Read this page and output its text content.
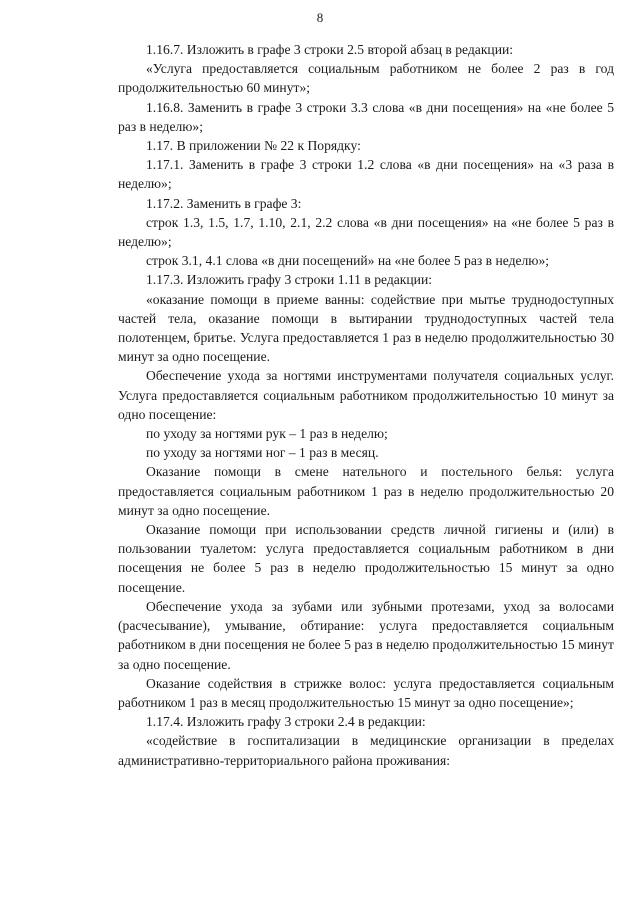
8

1.16.7. Изложить в графе 3 строки 2.5 второй абзац в редакции:

«Услуга предоставляется социальным работником не более 2 раз в год продолжительностью 60 минут»;

1.16.8. Заменить в графе 3 строки 3.3 слова «в дни посещения» на «не более 5 раз в неделю»;

1.17. В приложении № 22 к Порядку:

1.17.1. Заменить в графе 3 строки 1.2 слова «в дни посещения» на «3 раза в неделю»;

1.17.2. Заменить в графе 3:

строк 1.3, 1.5, 1.7, 1.10, 2.1, 2.2 слова «в дни посещения» на «не более 5 раз в неделю»;

строк 3.1, 4.1 слова «в дни посещений» на «не более 5 раз в неделю»;

1.17.3. Изложить графу 3 строки 1.11 в редакции:

«оказание помощи в приеме ванны: содействие при мытье труднодоступных частей тела, оказание помощи в вытирании труднодоступных частей тела полотенцем, бритье. Услуга предоставляется 1 раз в неделю продолжительностью 30 минут за одно посещение.

Обеспечение ухода за ногтями инструментами получателя социальных услуг. Услуга предоставляется социальным работником продолжительностью 10 минут за одно посещение:

по уходу за ногтями рук – 1 раз в неделю;

по уходу за ногтями ног – 1 раз в месяц.

Оказание помощи в смене нательного и постельного белья: услуга предоставляется социальным работником 1 раз в неделю продолжительностью 20 минут за одно посещение.

Оказание помощи при использовании средств личной гигиены и (или) в пользовании туалетом: услуга предоставляется социальным работником в дни посещения не более 5 раз в неделю продолжительностью 15 минут за одно посещение.

Обеспечение ухода за зубами или зубными протезами, уход за волосами (расчесывание), умывание, обтирание: услуга предоставляется социальным работником в дни посещения не более 5 раз в неделю продолжительностью 15 минут за одно посещение.

Оказание содействия в стрижке волос: услуга предоставляется социальным работником 1 раз в месяц продолжительностью 15 минут за одно посещение»;

1.17.4. Изложить графу 3 строки 2.4 в редакции:

«содействие в госпитализации в медицинские организации в пределах административно-территориального района проживания:
